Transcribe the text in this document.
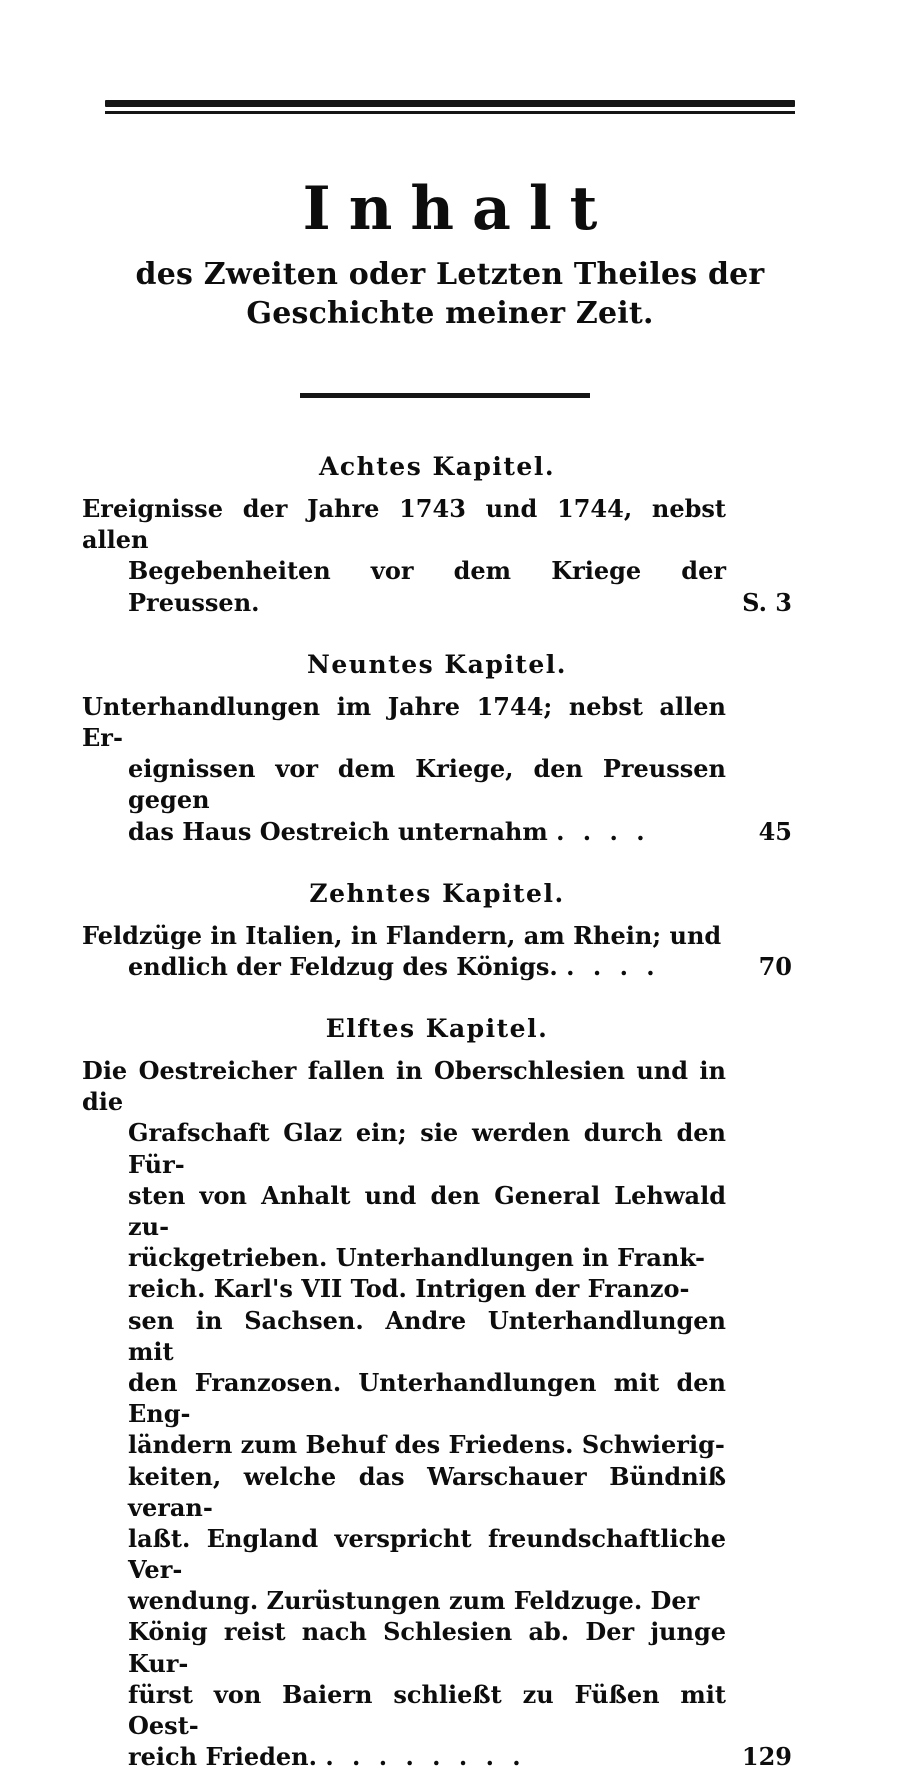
Inhalt
des Zweiten oder Letzten Theiles der Geschichte meiner Zeit.
Achtes Kapitel.
Ereignisse der Jahre 1743 und 1744, nebst allen
Begebenheiten vor dem Kriege der Preussen.	S. 3
Neuntes Kapitel.
Unterhandlungen im Jahre 1744; nebst allen Er-
eignissen vor dem Kriege, den Preussen gegen
das Haus Oestreich unternahm . . . .	45
Zehntes Kapitel.
Feldzüge in Italien, in Flandern, am Rhein; und
endlich der Feldzug des Königs. . . . .	70
Elftes Kapitel.
Die Oestreicher fallen in Oberschlesien und in die
Grafschaft Glaz ein; sie werden durch den Für-
sten von Anhalt und den General Lehwald zu-
rückgetrieben. Unterhandlungen in Frank-
reich. Karl's VII Tod. Intrigen der Franzo-
sen in Sachsen. Andre Unterhandlungen mit
den Franzosen. Unterhandlungen mit den Eng-
ländern zum Behuf des Friedens. Schwierig-
keiten, welche das Warschauer Bündniß veran-
laßt. England verspricht freundschaftliche Ver-
wendung. Zurüstungen zum Feldzuge. Der
König reist nach Schlesien ab. Der junge Kur-
fürst von Baiern schließt zu Füßen mit Oest-
reich Frieden. . . . . . . . .	129
